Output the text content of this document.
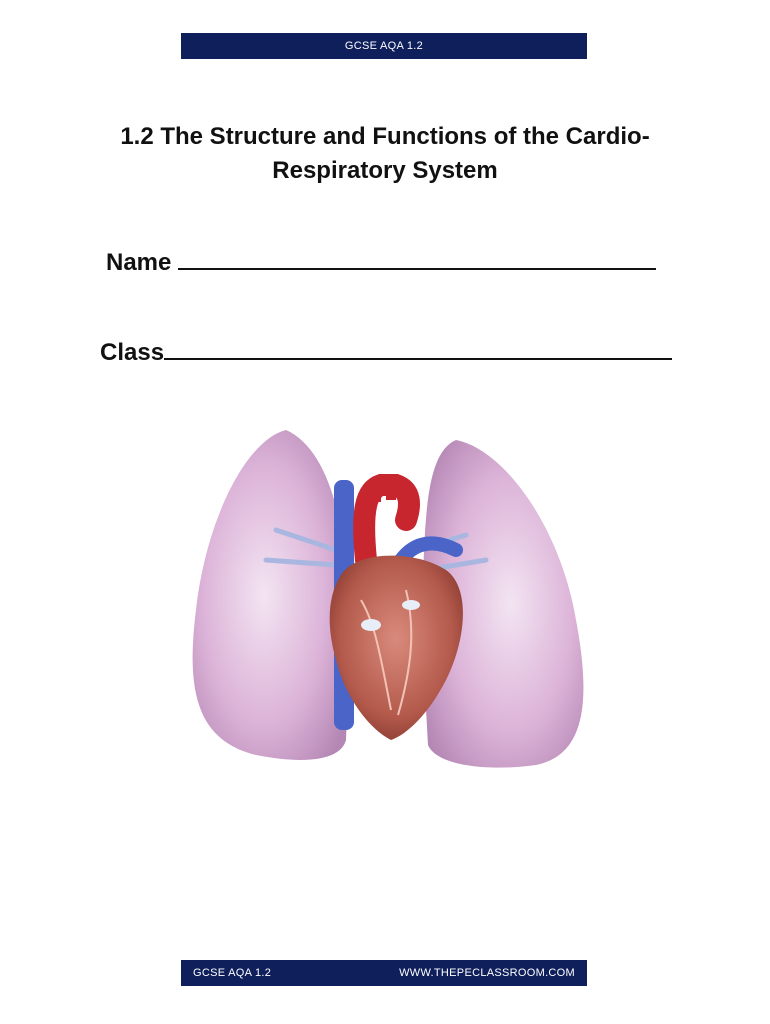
GCSE AQA 1.2
1.2 The Structure and Functions of the Cardio-
Respiratory System
Name
Class
GCSE AQA 1.2	WWW.THEPECLASSROOM.COM
